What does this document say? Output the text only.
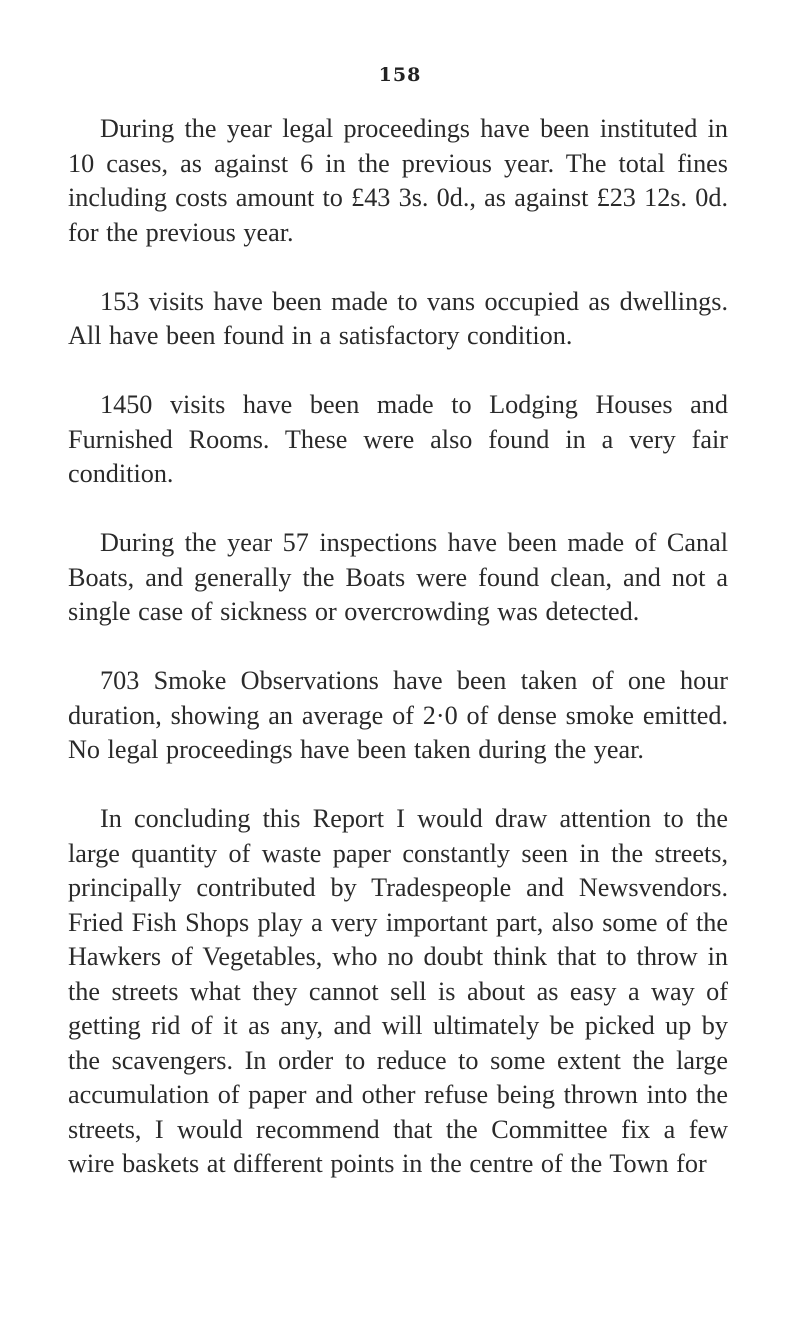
158

During the year legal proceedings have been instituted in 10 cases, as against 6 in the previous year. The total fines including costs amount to £43 3s. 0d., as against £23 12s. 0d. for the previous year.

153 visits have been made to vans occupied as dwellings. All have been found in a satisfactory condition.

1450 visits have been made to Lodging Houses and Furnished Rooms. These were also found in a very fair condition.

During the year 57 inspections have been made of Canal Boats, and generally the Boats were found clean, and not a single case of sickness or overcrowding was detected.

703 Smoke Observations have been taken of one hour duration, showing an average of 2·0 of dense smoke emitted. No legal proceedings have been taken during the year.

In concluding this Report I would draw attention to the large quantity of waste paper constantly seen in the streets, principally contributed by Tradespeople and Newsvendors. Fried Fish Shops play a very important part, also some of the Hawkers of Vegetables, who no doubt think that to throw in the streets what they cannot sell is about as easy a way of getting rid of it as any, and will ultimately be picked up by the scavengers. In order to reduce to some extent the large accumulation of paper and other refuse being thrown into the streets, I would recommend that the Committee fix a few wire baskets at different points in the centre of the Town for
